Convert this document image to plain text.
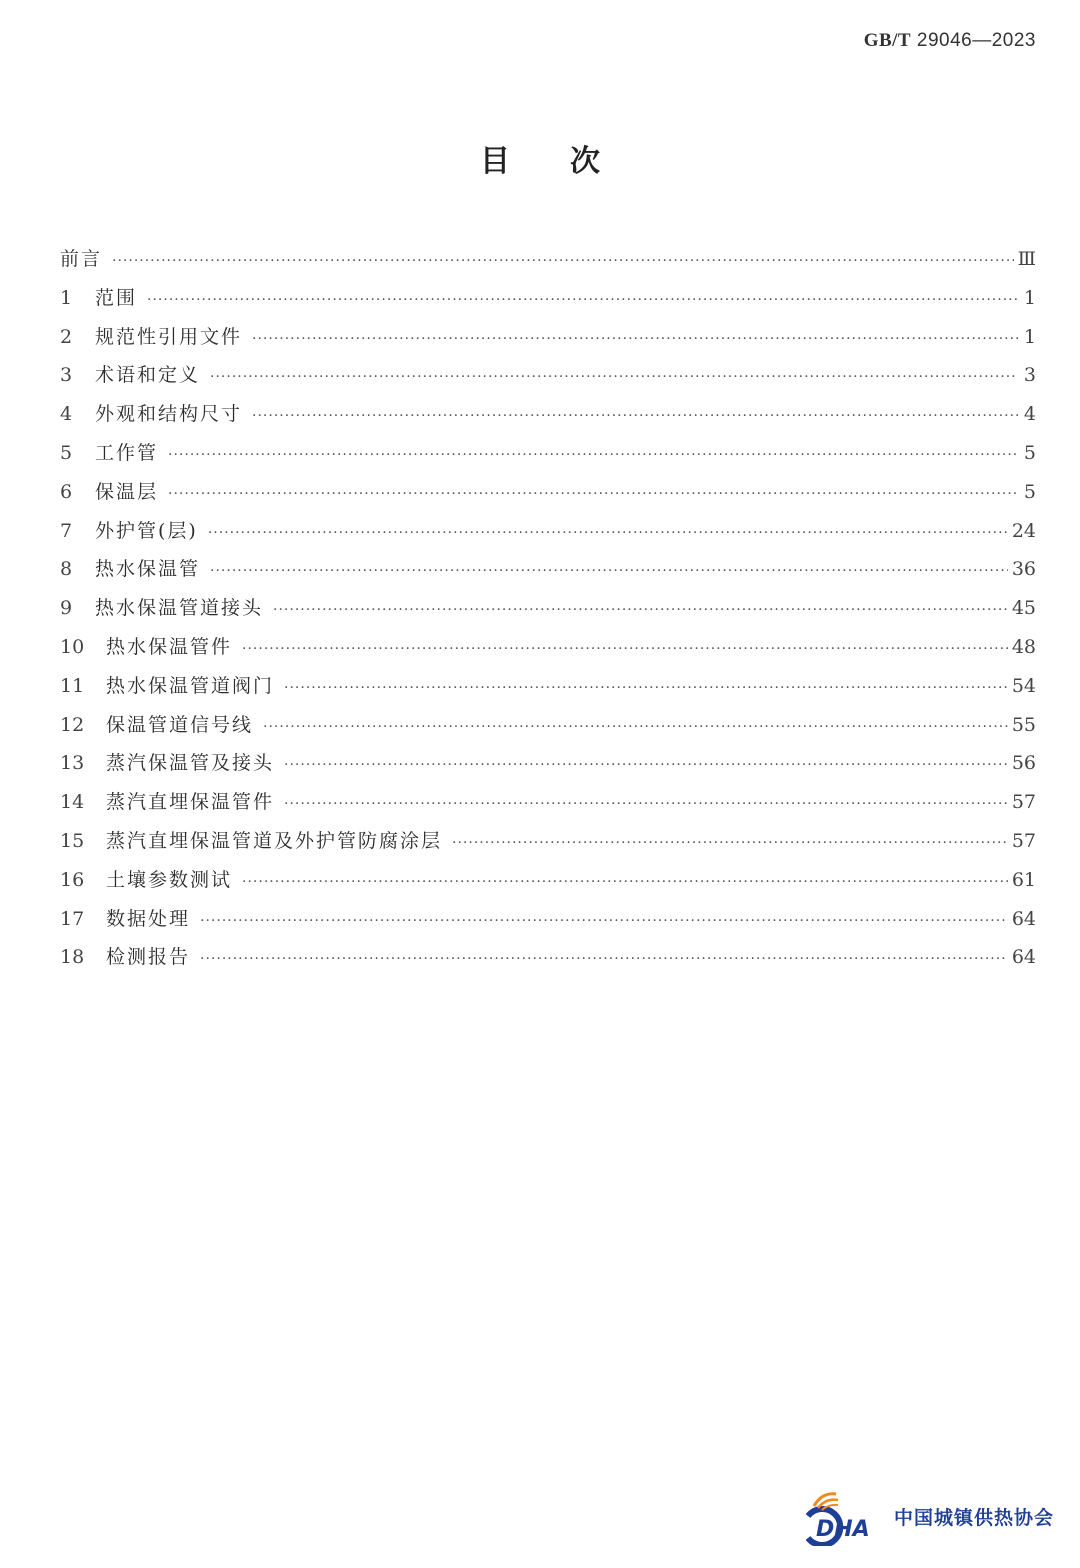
GB/T 29046—2023
目次
前言 ·····	Ⅲ
1	范围 ·····	1
2	规范性引用文件 ·····	1
3	术语和定义 ·····	3
4	外观和结构尺寸 ·····	4
5	工作管 ·····	5
6	保温层 ·····	5
7	外护管(层) ·····	24
8	热水保温管 ·····	36
9	热水保温管道接头 ·····	45
10	热水保温管件 ·····	48
11	热水保温管道阀门 ·····	54
12	保温管道信号线 ·····	55
13	蒸汽保温管及接头 ·····	56
14	蒸汽直埋保温管件 ·····	57
15	蒸汽直埋保温管道及外护管防腐涂层 ·····	57
16	土壤参数测试 ·····	61
17	数据处理 ·····	64
18	检测报告 ·····	64
DHA 中国城镇供热协会
